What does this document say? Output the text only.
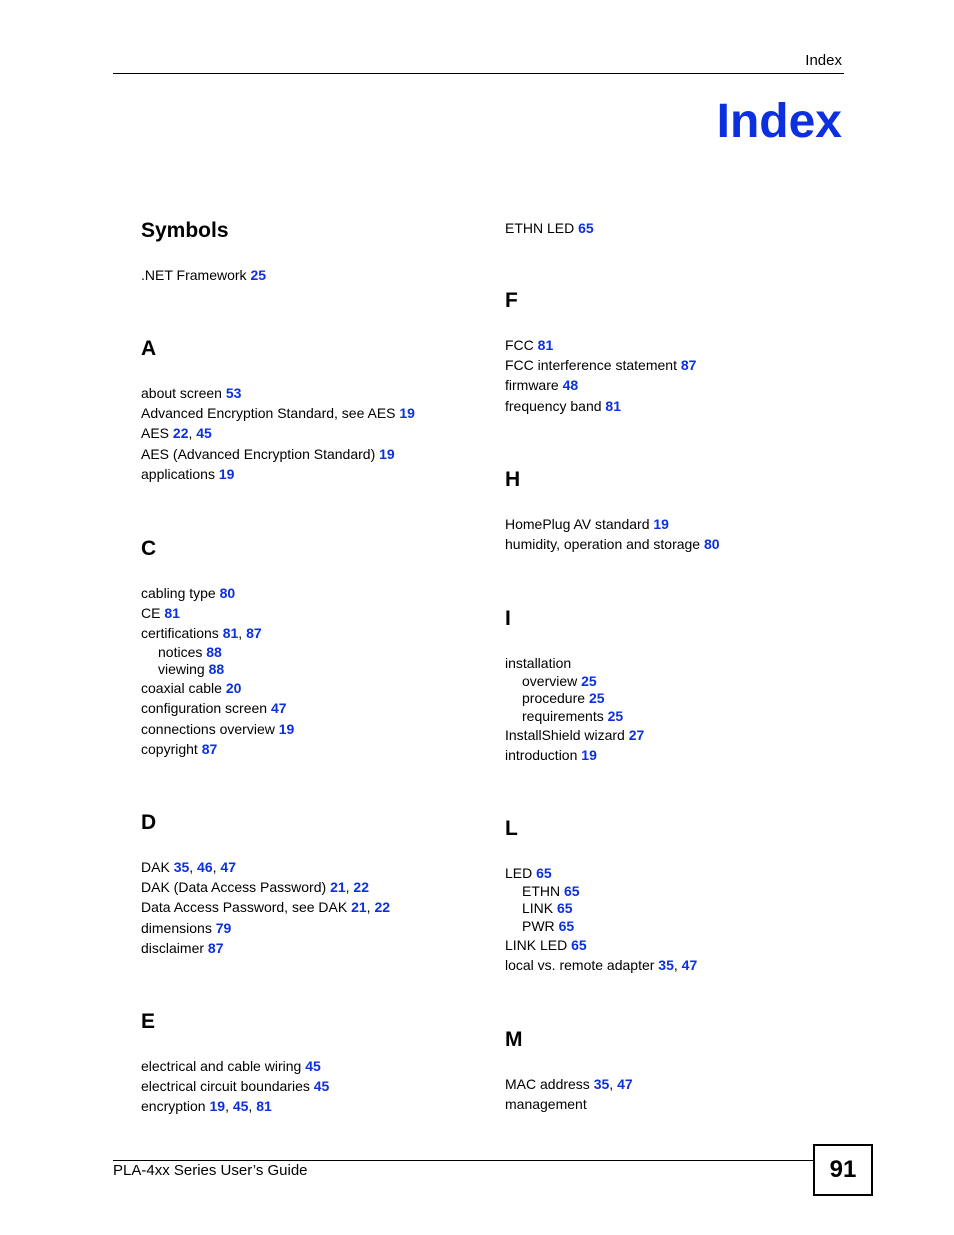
Index
Index
Symbols
.NET Framework 25
A
about screen 53
Advanced Encryption Standard, see AES 19
AES 22, 45
AES (Advanced Encryption Standard) 19
applications 19
C
cabling type 80
CE 81
certifications 81, 87
notices 88
viewing 88
coaxial cable 20
configuration screen 47
connections overview 19
copyright 87
D
DAK 35, 46, 47
DAK (Data Access Password) 21, 22
Data Access Password, see DAK 21, 22
dimensions 79
disclaimer 87
E
electrical and cable wiring 45
electrical circuit boundaries 45
encryption 19, 45, 81
ETHN LED 65
F
FCC 81
FCC interference statement 87
firmware 48
frequency band 81
H
HomePlug AV standard 19
humidity, operation and storage 80
I
installation
overview 25
procedure 25
requirements 25
InstallShield wizard 27
introduction 19
L
LED 65
ETHN 65
LINK 65
PWR 65
LINK LED 65
local vs. remote adapter 35, 47
M
MAC address 35, 47
management
PLA-4xx Series User’s Guide	91
